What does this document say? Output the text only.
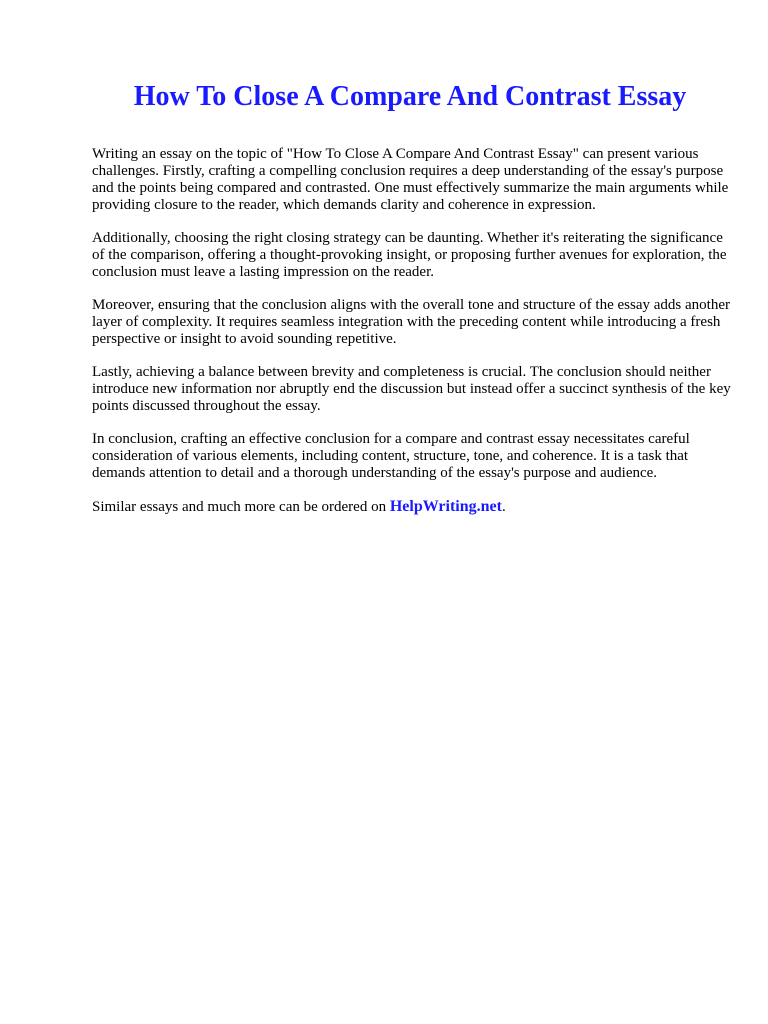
How To Close A Compare And Contrast Essay

Writing an essay on the topic of "How To Close A Compare And Contrast Essay" can present various challenges. Firstly, crafting a compelling conclusion requires a deep understanding of the essay's purpose and the points being compared and contrasted. One must effectively summarize the main arguments while providing closure to the reader, which demands clarity and coherence in expression.

Additionally, choosing the right closing strategy can be daunting. Whether it's reiterating the significance of the comparison, offering a thought-provoking insight, or proposing further avenues for exploration, the conclusion must leave a lasting impression on the reader.

Moreover, ensuring that the conclusion aligns with the overall tone and structure of the essay adds another layer of complexity. It requires seamless integration with the preceding content while introducing a fresh perspective or insight to avoid sounding repetitive.

Lastly, achieving a balance between brevity and completeness is crucial. The conclusion should neither introduce new information nor abruptly end the discussion but instead offer a succinct synthesis of the key points discussed throughout the essay.

In conclusion, crafting an effective conclusion for a compare and contrast essay necessitates careful consideration of various elements, including content, structure, tone, and coherence. It is a task that demands attention to detail and a thorough understanding of the essay's purpose and audience.

Similar essays and much more can be ordered on HelpWriting.net.
